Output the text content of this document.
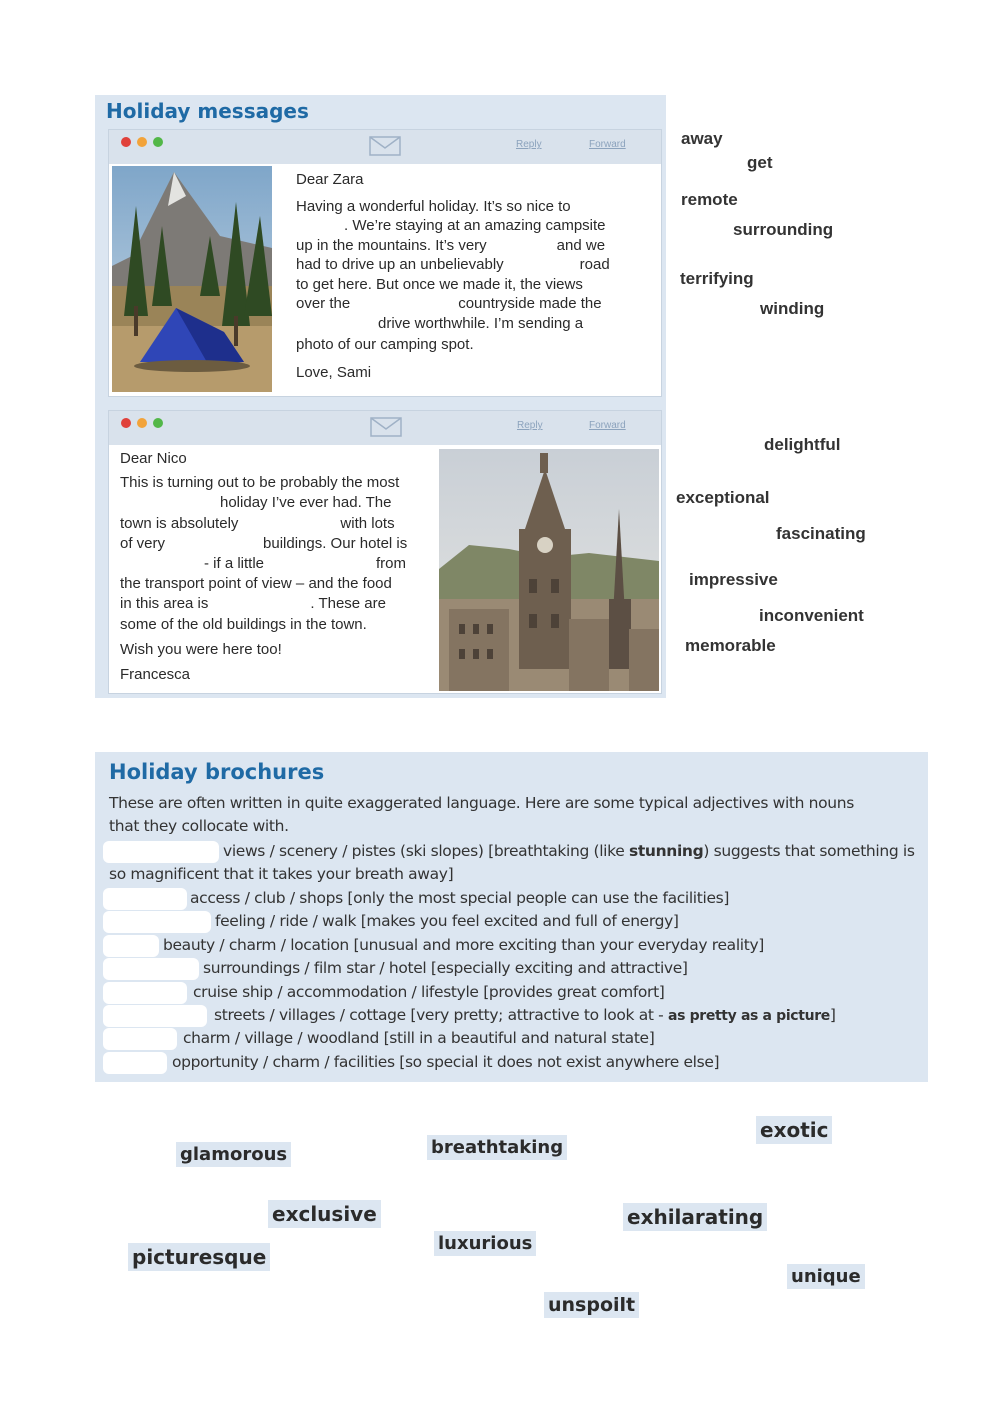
Holiday messages
Reply	Forward

Dear Zara

Having a wonderful holiday. It’s so nice to

. We’re staying at an amazing campsite

up in the mountains. It’s very	and we

had to drive up an unbelievably	road

to get here. But once we made it, the views

over the	countryside made the

drive worthwhile. I’m sending a

photo of our camping spot.

Love, Sami

Reply	Forward

Dear Nico

This is turning out to be probably the most

holiday I’ve ever had. The

town is absolutely	with lots

of very	buildings. Our hotel is

- if a little	from

the transport point of view – and the food

in this area is	. These are

some of the old buildings in the town.

Wish you were here too!

Francesca

away
get
remote
surrounding
terrifying
winding
delightful
exceptional
fascinating
impressive
inconvenient
memorable
Holiday brochures
These are often written in quite exaggerated language. Here are some typical adjectives with nouns
that they collocate with.
views / scenery / pistes (ski slopes) [breathtaking (like stunning) suggests that something is
so magnificent that it takes your breath away]
access / club / shops [only the most special people can use the facilities]
feeling / ride / walk [makes you feel excited and full of energy]
beauty / charm / location [unusual and more exciting than your everyday reality]
surroundings / film star / hotel [especially exciting and attractive]
cruise ship / accommodation / lifestyle [provides great comfort]
streets / villages / cottage [very pretty; attractive to look at - as pretty as a picture]
charm / village / woodland [still in a beautiful and natural state]
opportunity / charm / facilities [so special it does not exist anywhere else]
glamorous	breathtaking
exotic
exclusive	exhilarating
picturesque
luxurious
unique
unspoilt
